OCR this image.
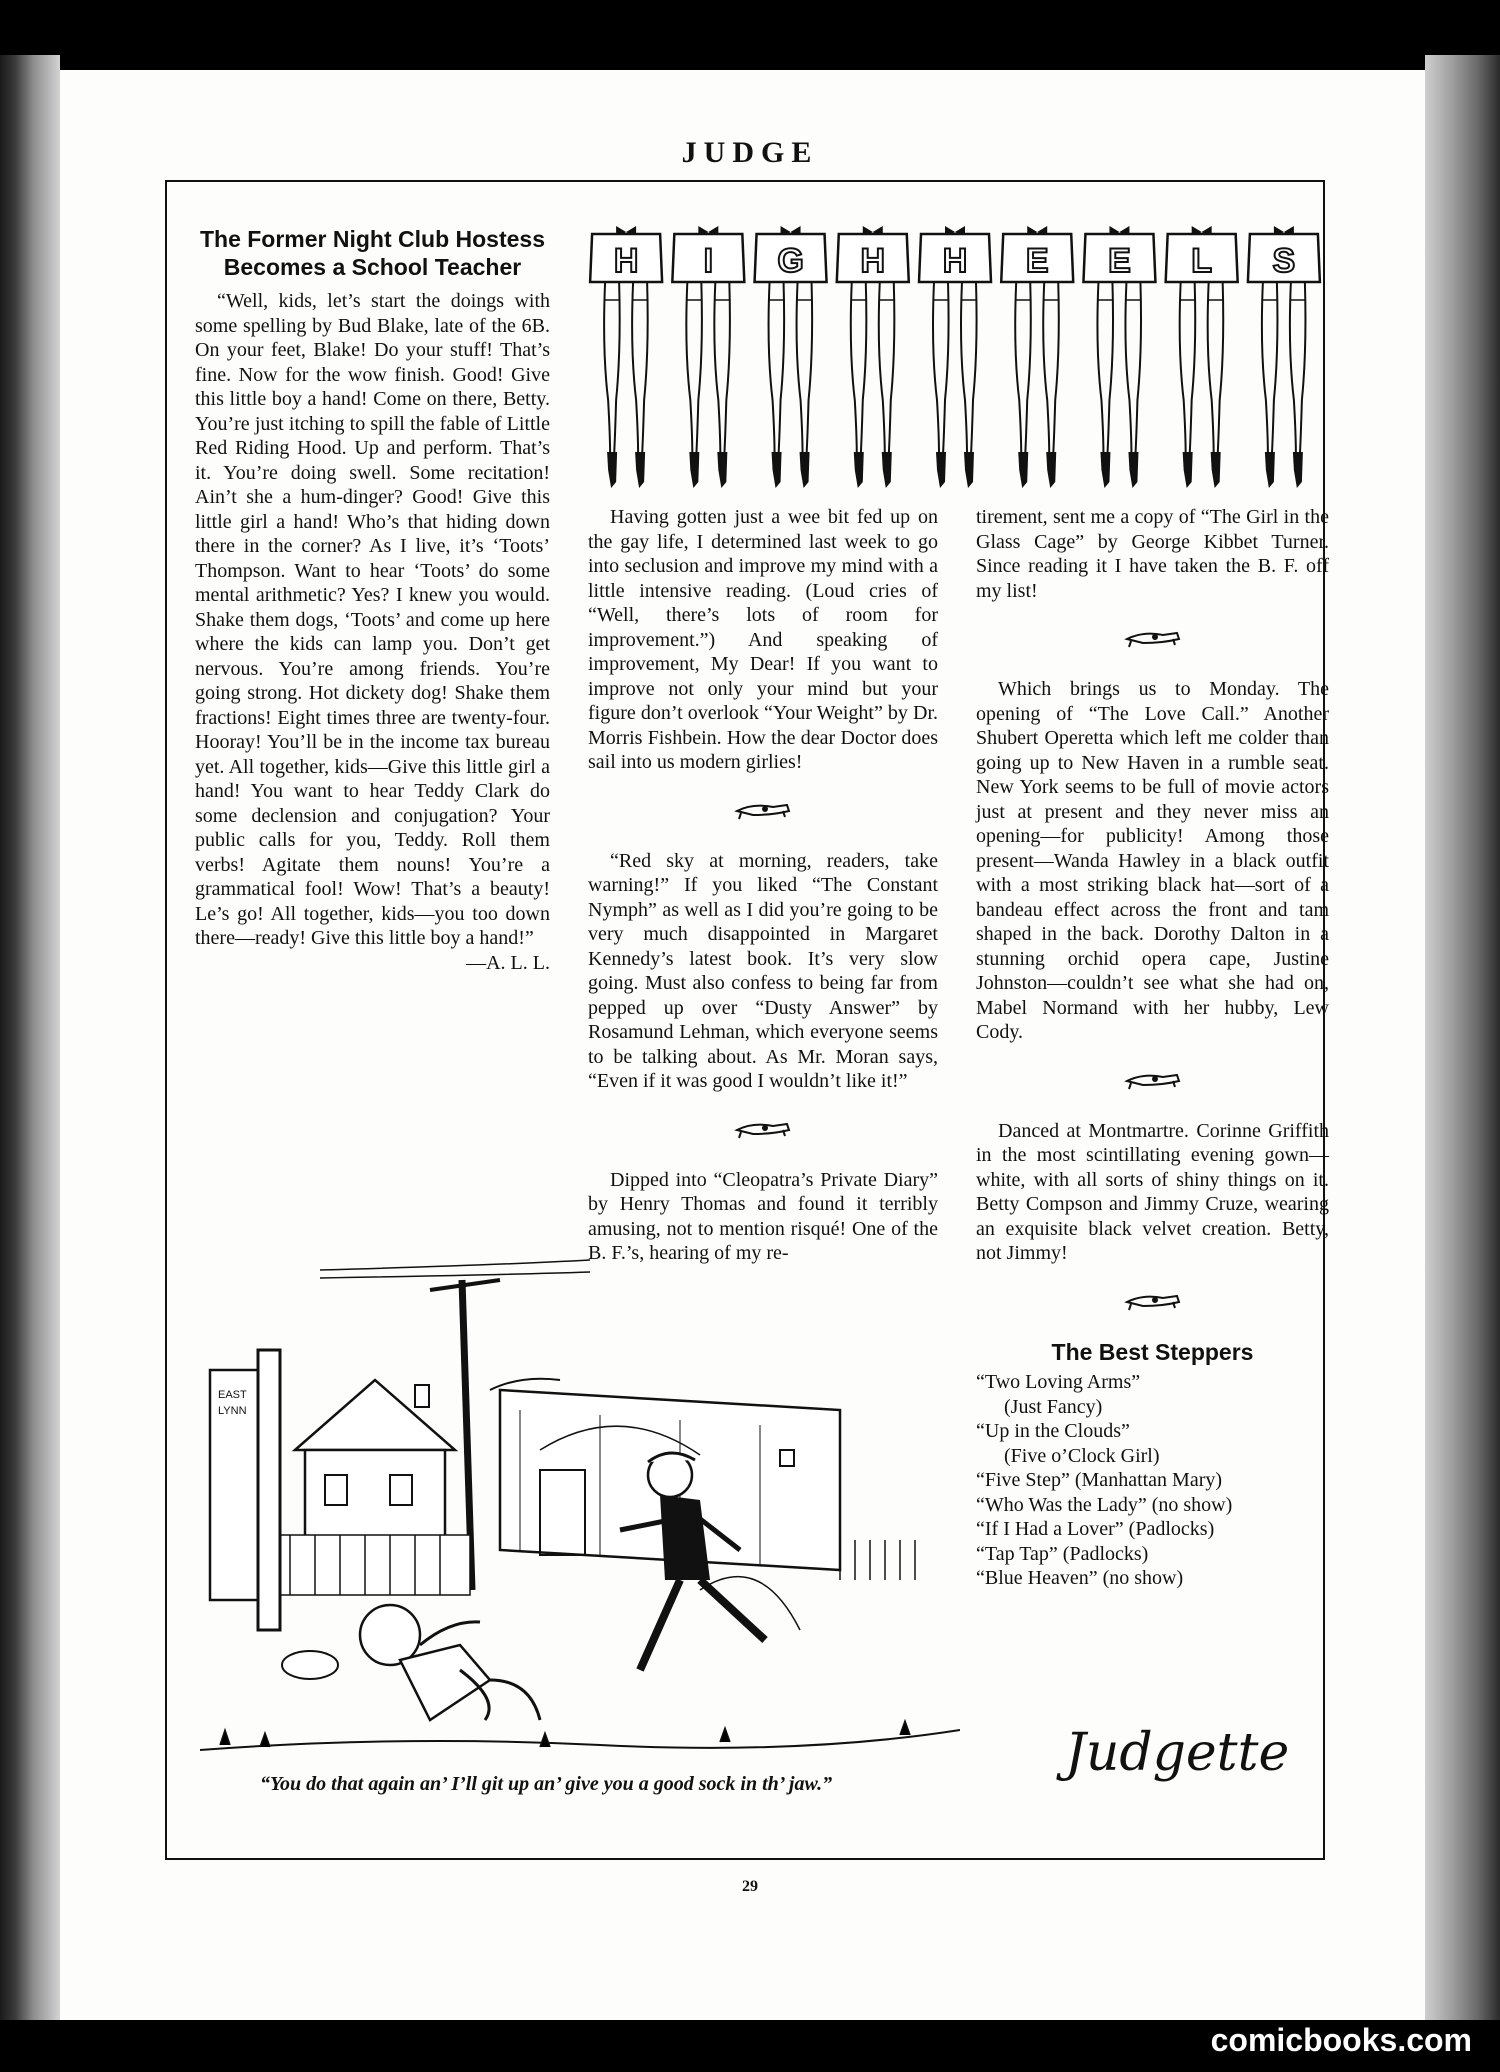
JUDGE
H I G H H E E L S
The Former Night Club Hostess Becomes a School Teacher

“Well, kids, let’s start the doings with some spelling by Bud Blake, late of the 6B. On your feet, Blake! Do your stuff! That’s fine. Now for the wow finish. Good! Give this little boy a hand! Come on there, Betty. You’re just itching to spill the fable of Little Red Riding Hood. Up and perform. That’s it. You’re doing swell. Some recitation! Ain’t she a hum-dinger? Good! Give this little girl a hand! Who’s that hiding down there in the corner? As I live, it’s ‘Toots’ Thompson. Want to hear ‘Toots’ do some mental arithmetic? Yes? I knew you would. Shake them dogs, ‘Toots’ and come up here where the kids can lamp you. Don’t get nervous. You’re among friends. You’re going strong. Hot dickety dog! Shake them fractions! Eight times three are twenty-four. Hooray! You’ll be in the income tax bureau yet. All together, kids—Give this little girl a hand! You want to hear Teddy Clark do some declension and conjugation? Your public calls for you, Teddy. Roll them verbs! Agitate them nouns! You’re a grammatical fool! Wow! That’s a beauty! Le’s go! All together, kids—you too down there—ready! Give this little boy a hand!”

—A. L. L.

Having gotten just a wee bit fed up on the gay life, I determined last week to go into seclusion and improve my mind with a little intensive reading. (Loud cries of “Well, there’s lots of room for improvement.”) And speaking of improvement, My Dear! If you want to improve not only your mind but your figure don’t overlook “Your Weight” by Dr. Morris Fishbein. How the dear Doctor does sail into us modern girlies!

“Red sky at morning, readers, take warning!” If you liked “The Constant Nymph” as well as I did you’re going to be very much disappointed in Margaret Kennedy’s latest book. It’s very slow going. Must also confess to being far from pepped up over “Dusty Answer” by Rosamund Lehman, which everyone seems to be talking about. As Mr. Moran says, “Even if it was good I wouldn’t like it!”

Dipped into “Cleopatra’s Private Diary” by Henry Thomas and found it terribly amusing, not to mention risqué! One of the B. F.’s, hearing of my re-

tirement, sent me a copy of “The Girl in the Glass Cage” by George Kibbet Turner. Since reading it I have taken the B. F. off my list!

Which brings us to Monday. The opening of “The Love Call.” Another Shubert Operetta which left me colder than going up to New Haven in a rumble seat. New York seems to be full of movie actors just at present and they never miss an opening—for publicity! Among those present—Wanda Hawley in a black outfit with a most striking black hat—sort of a bandeau effect across the front and tam shaped in the back. Dorothy Dalton in a stunning orchid opera cape, Justine Johnston—couldn’t see what she had on, Mabel Normand with her hubby, Lew Cody.

Danced at Montmartre. Corinne Griffith in the most scintillating evening gown—white, with all sorts of shiny things on it. Betty Compson and Jimmy Cruze, wearing an exquisite black velvet creation. Betty, not Jimmy!

The Best Steppers
“Two Loving Arms”
(Just Fancy)
“Up in the Clouds”
(Five o’Clock Girl)
“Five Step” (Manhattan Mary)
“Who Was the Lady” (no show)
“If I Had a Lover” (Padlocks)
“Tap Tap” (Padlocks)
“Blue Heaven” (no show)
EAST LYNN
“You do that again an’ I’ll git up an’ give you a good sock in th’ jaw.”
Judgette
29
comicbooks.com
